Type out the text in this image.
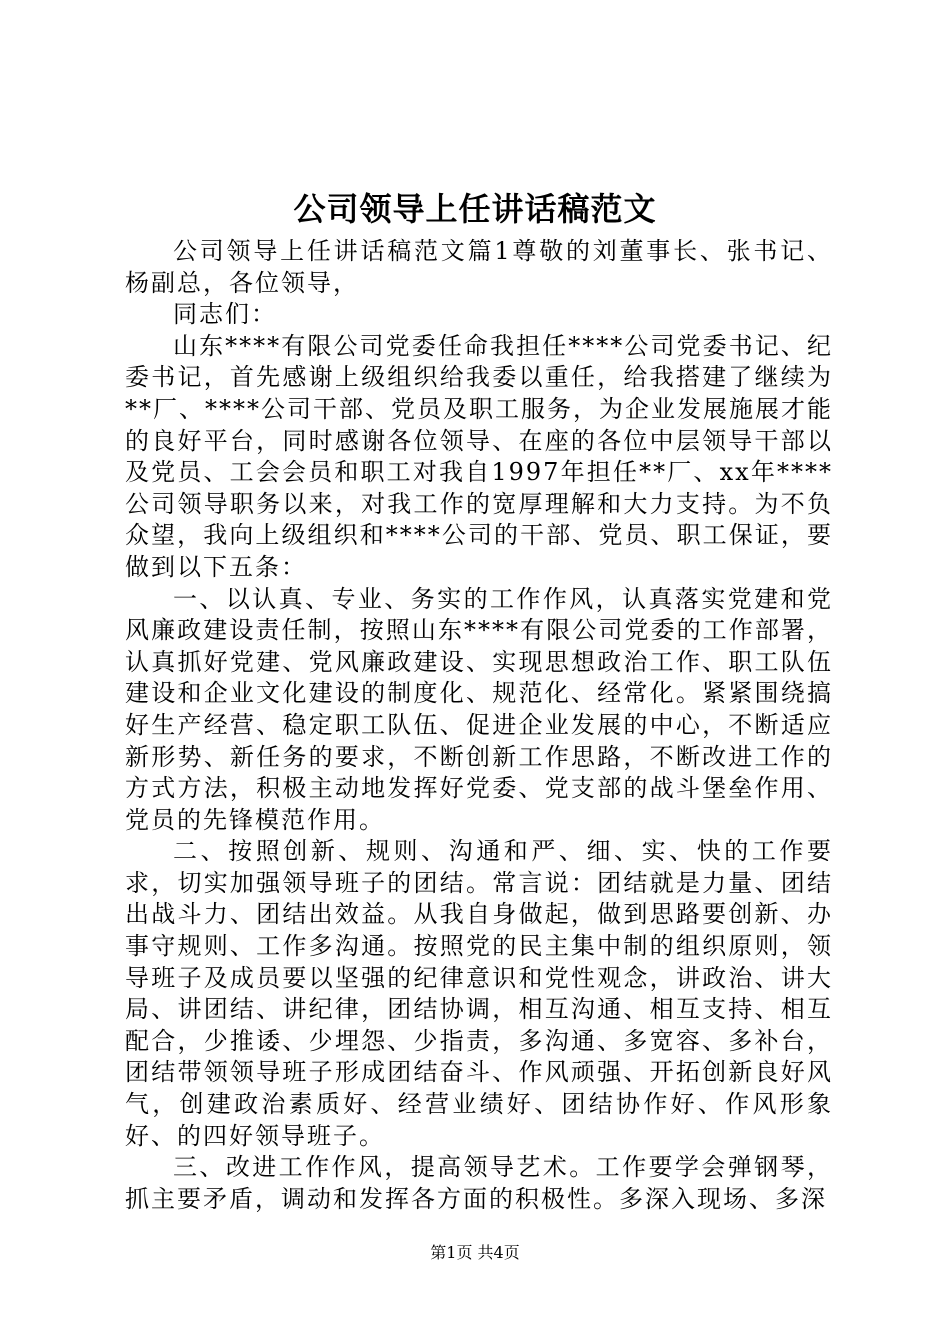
公司领导上任讲话稿范文

公司领导上任讲话稿范文篇1尊敬的刘董事长、张书记、杨副总，各位领导，

同志们：

山东****有限公司党委任命我担任****公司党委书记、纪委书记，首先感谢上级组织给我委以重任，给我搭建了继续为**厂、****公司干部、党员及职工服务，为企业发展施展才能的良好平台，同时感谢各位领导、在座的各位中层领导干部以及党员、工会会员和职工对我自1997年担任**厂、xx年****公司领导职务以来，对我工作的宽厚理解和大力支持。为不负众望，我向上级组织和****公司的干部、党员、职工保证，要做到以下五条：

一、以认真、专业、务实的工作作风，认真落实党建和党风廉政建设责任制，按照山东****有限公司党委的工作部署，认真抓好党建、党风廉政建设、实现思想政治工作、职工队伍建设和企业文化建设的制度化、规范化、经常化。紧紧围绕搞好生产经营、稳定职工队伍、促进企业发展的中心，不断适应新形势、新任务的要求，不断创新工作思路，不断改进工作的方式方法，积极主动地发挥好党委、党支部的战斗堡垒作用、党员的先锋模范作用。

二、按照创新、规则、沟通和严、细、实、快的工作要求，切实加强领导班子的团结。常言说：团结就是力量、团结出战斗力、团结出效益。从我自身做起，做到思路要创新、办事守规则、工作多沟通。按照党的民主集中制的组织原则，领导班子及成员要以坚强的纪律意识和党性观念，讲政治、讲大局、讲团结、讲纪律，团结协调，相互沟通、相互支持、相互配合，少推诿、少埋怨、少指责，多沟通、多宽容、多补台，团结带领领导班子形成团结奋斗、作风顽强、开拓创新良好风气，创建政治素质好、经营业绩好、团结协作好、作风形象好、的四好领导班子。

三、改进工作作风，提高领导艺术。工作要学会弹钢琴，抓主要矛盾，调动和发挥各方面的积极性。多深入现场、多深

第1页 共4页
